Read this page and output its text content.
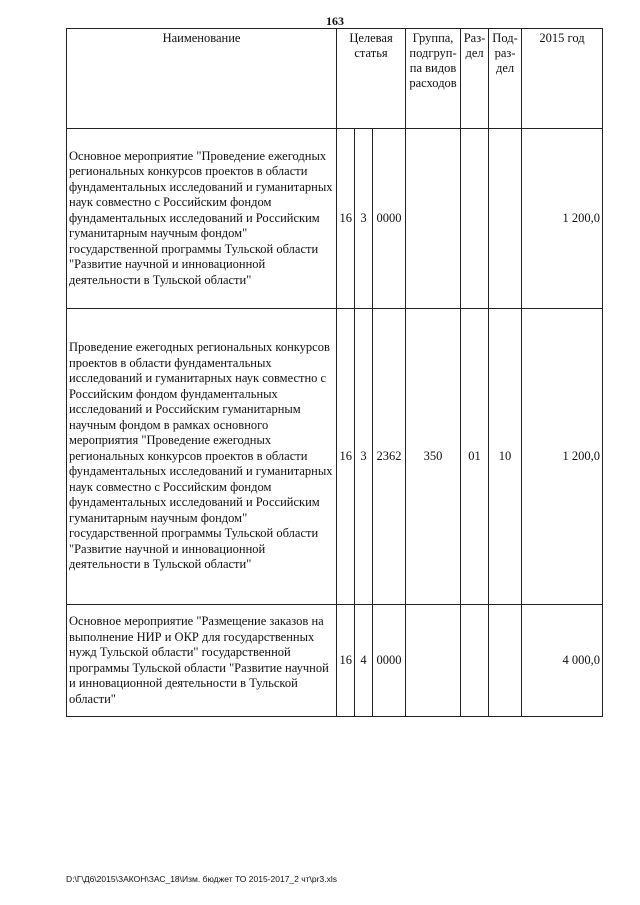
163
Наименование	Целевая статья			Группа, подгруп-па видов расходов	Раз-дел	Под-раз-дел	2015 год
Основное мероприятие "Проведение ежегодных региональных конкурсов проектов в области фундаментальных исследований и гуманитарных наук совместно с Российским фондом фундаментальных исследований и Российским гуманитарным научным фондом" государственной программы Тульской области "Развитие научной и инновационной деятельности в Тульской области"	16	3	0000				1 200,0
Проведение ежегодных региональных конкурсов проектов в области фундаментальных исследований и гуманитарных наук совместно с Российским фондом фундаментальных исследований и Российским гуманитарным научным фондом в рамках основного мероприятия "Проведение ежегодных региональных конкурсов проектов в области фундаментальных исследований и гуманитарных наук совместно с Российским фондом фундаментальных исследований и Российским гуманитарным научным фондом" государственной программы Тульской области "Развитие научной и инновационной деятельности в Тульской области"	16	3	2362	350	01	10	1 200,0
Основное мероприятие "Размещение заказов на выполнение НИР и ОКР для государственных нужд Тульской области" государственной программы Тульской области "Развитие научной и инновационной деятельности в Тульской области"	16	4	0000				4 000,0
D:\Г\Д6\2015\ЗАКОН\ЗАС_18\Изм. бюджет ТО 2015-2017_2 чт\pr3.xls
